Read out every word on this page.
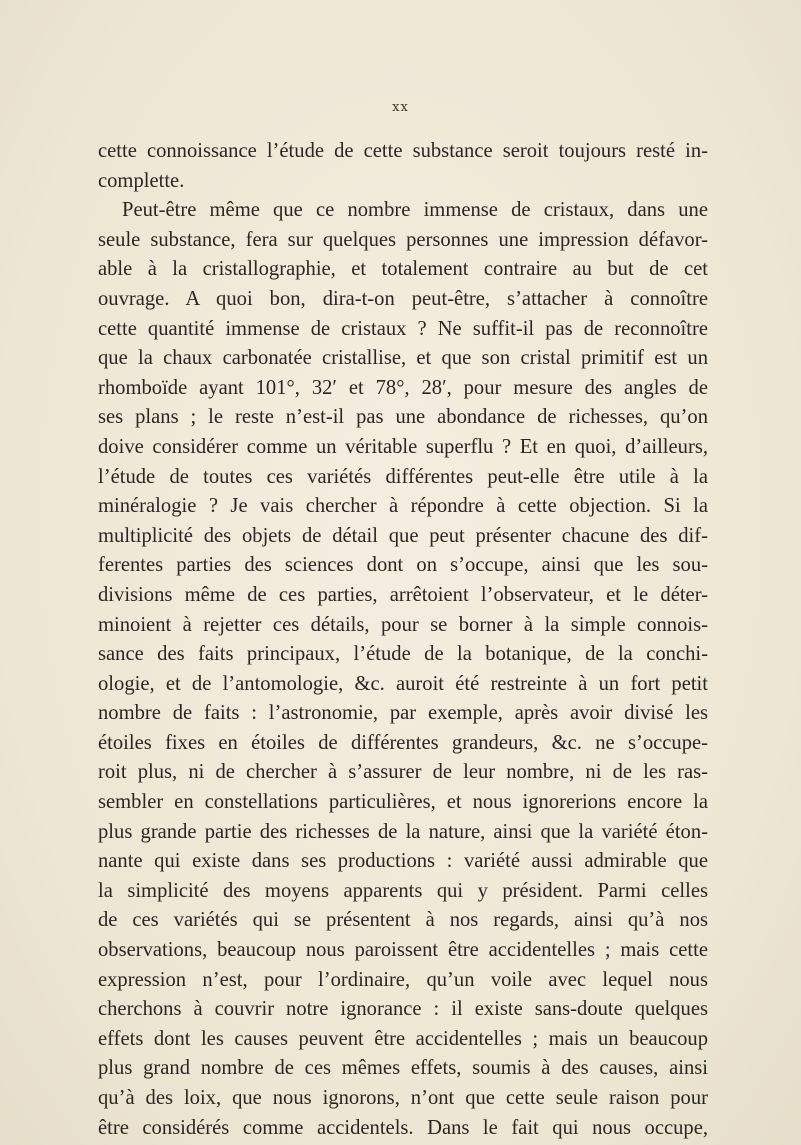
xx
cette connoissance l’étude de cette substance seroit toujours resté in-
complette.
Peut-être même que ce nombre immense de cristaux, dans une
seule substance, fera sur quelques personnes une impression défavor-
able à la cristallographie, et totalement contraire au but de cet
ouvrage. A quoi bon, dira-t-on peut-être, s’attacher à connoître
cette quantité immense de cristaux ? Ne suffit-il pas de reconnoître
que la chaux carbonatée cristallise, et que son cristal primitif est un
rhomboïde ayant 101°, 32′ et 78°, 28′, pour mesure des angles de
ses plans ; le reste n’est-il pas une abondance de richesses, qu’on
doive considérer comme un véritable superflu ? Et en quoi, d’ailleurs,
l’étude de toutes ces variétés différentes peut-elle être utile à la
minéralogie ? Je vais chercher à répondre à cette objection. Si la
multiplicité des objets de détail que peut présenter chacune des dif-
ferentes parties des sciences dont on s’occupe, ainsi que les sou-
divisions même de ces parties, arrêtoient l’observateur, et le déter-
minoient à rejetter ces détails, pour se borner à la simple connois-
sance des faits principaux, l’étude de la botanique, de la conchi-
ologie, et de l’antomologie, &c. auroit été restreinte à un fort petit
nombre de faits : l’astronomie, par exemple, après avoir divisé les
étoiles fixes en étoiles de différentes grandeurs, &c. ne s’occupe-
roit plus, ni de chercher à s’assurer de leur nombre, ni de les ras-
sembler en constellations particulières, et nous ignorerions encore la
plus grande partie des richesses de la nature, ainsi que la variété éton-
nante qui existe dans ses productions : variété aussi admirable que
la simplicité des moyens apparents qui y président. Parmi celles
de ces variétés qui se présentent à nos regards, ainsi qu’à nos
observations, beaucoup nous paroissent être accidentelles ; mais cette
expression n’est, pour l’ordinaire, qu’un voile avec lequel nous
cherchons à couvrir notre ignorance : il existe sans-doute quelques
effets dont les causes peuvent être accidentelles ; mais un beaucoup
plus grand nombre de ces mêmes effets, soumis à des causes, ainsi
qu’à des loix, que nous ignorons, n’ont que cette seule raison pour
être considérés comme accidentels. Dans le fait qui nous occupe,
